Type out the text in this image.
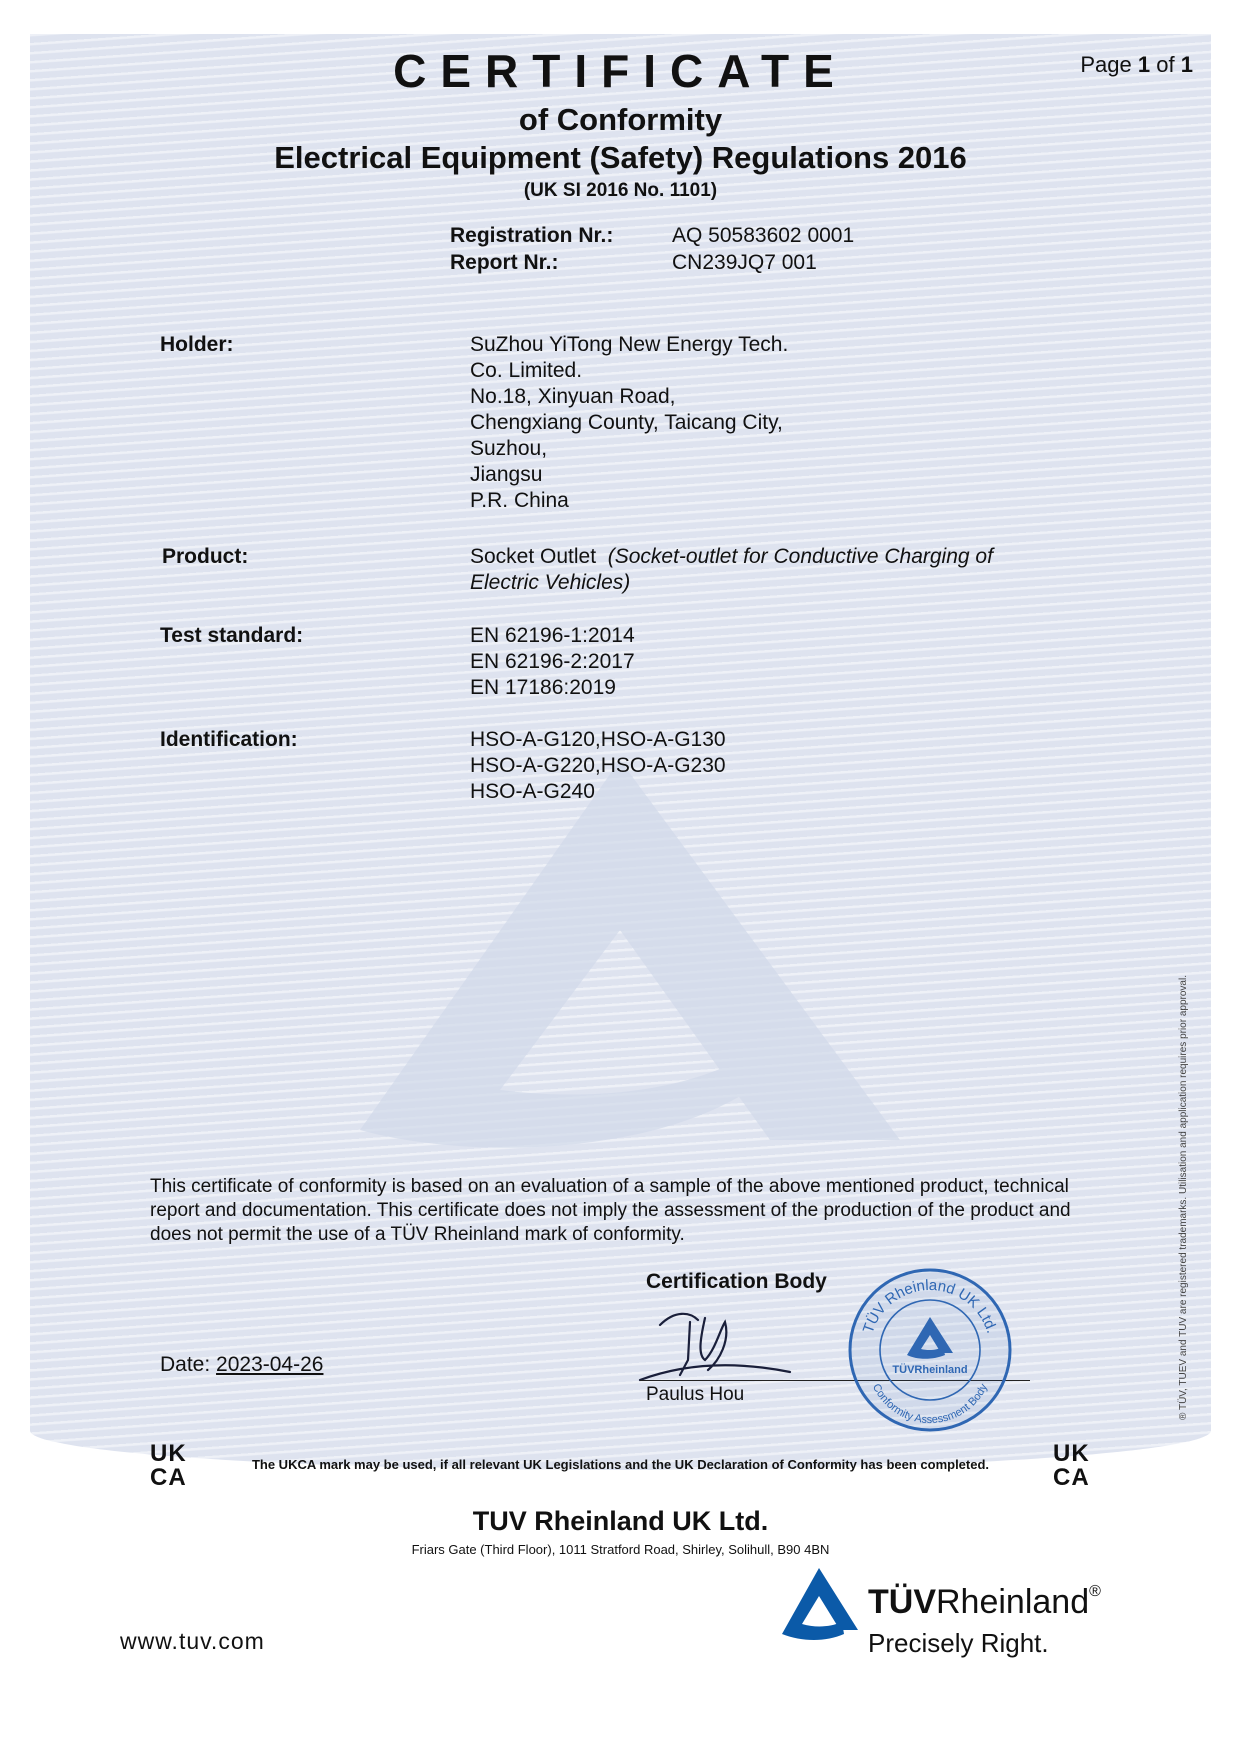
CERTIFICATE	Page 1 of 1
of Conformity
Electrical Equipment (Safety) Regulations 2016
(UK SI 2016 No. 1101)
Registration Nr.:	AQ 50583602 0001
Report Nr.:	CN239JQ7 001
Holder:	SuZhou YiTong New Energy Tech.
Co. Limited.
No.18, Xinyuan Road,
Chengxiang County, Taicang City,
Suzhou,
Jiangsu
P.R. China
Product:	Socket Outlet (Socket-outlet for Conductive Charging of
Electric Vehicles)
Test standard:	EN 62196-1:2014
EN 62196-2:2017
EN 17186:2019
Identification:	HSO-A-G120,HSO-A-G130
HSO-A-G220,HSO-A-G230
HSO-A-G240
This certificate of conformity is based on an evaluation of a sample of the above mentioned product, technical report and documentation. This certificate does not imply the assessment of the production of the product and does not permit the use of a TÜV Rheinland mark of conformity.
Certification Body
Date: 2023-04-26
Paulus Hou
TÜV Rheinland UK Ltd.
Conformity Assessment Body
TÜVRheinland
UK
CA	The UKCA mark may be used, if all relevant UK Legislations and the UK Declaration of Conformity has been completed.	UK
CA
TUV Rheinland UK Ltd.
Friars Gate (Third Floor), 1011 Stratford Road, Shirley, Solihull, B90 4BN
www.tuv.com
TÜVRheinland®
Precisely Right.
® TÜV, TUEV and TUV are registered trademarks. Utilisation and application requires prior approval.
